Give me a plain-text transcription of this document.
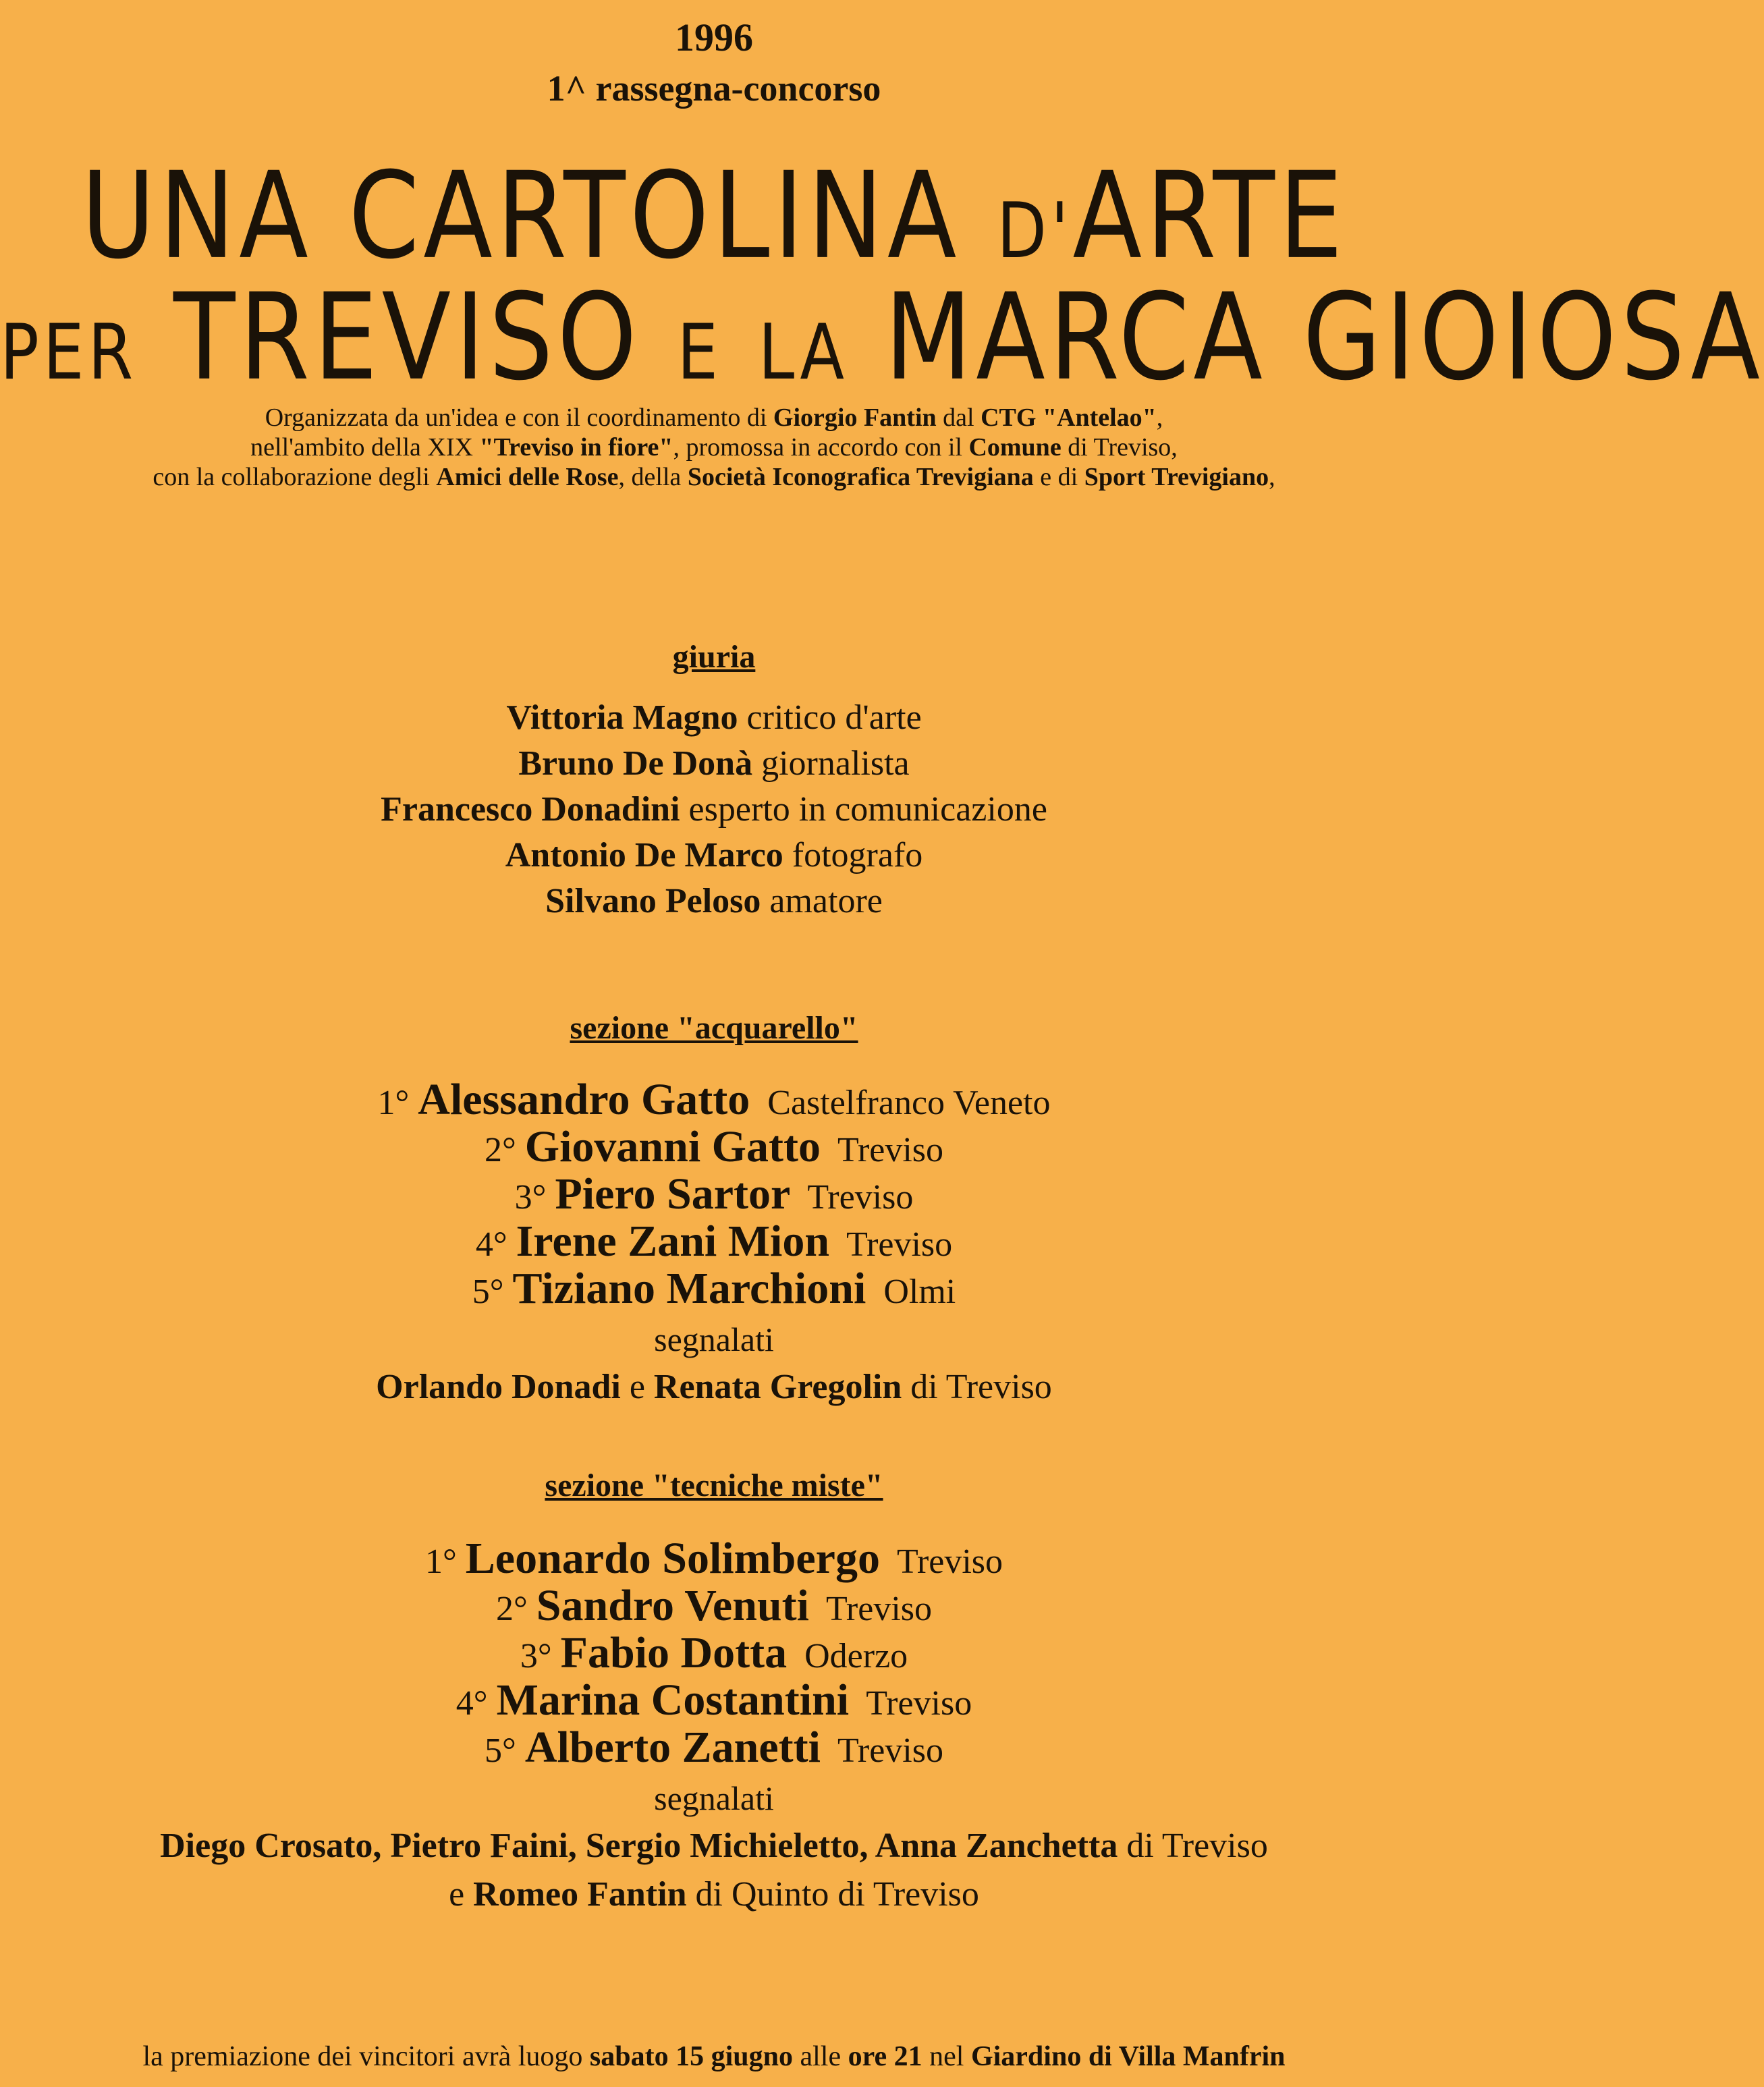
1996
1^ rassegna-concorso
UNA CARTOLINA D'ARTE
PER TREVISO E LA MARCA GIOIOSA
Organizzata da un'idea e con il coordinamento di Giorgio Fantin dal CTG "Antelao",
nell'ambito della XIX "Treviso in fiore", promossa in accordo con il Comune di Treviso,
con la collaborazione degli Amici delle Rose, della Società Iconografica Trevigiana e di Sport Trevigiano,
giuria
Vittoria Magno critico d'arte
Bruno De Donà giornalista
Francesco Donadini esperto in comunicazione
Antonio De Marco fotografo
Silvano Peloso amatore
sezione "acquarello"
1° Alessandro Gatto Castelfranco Veneto
2° Giovanni Gatto Treviso
3° Piero Sartor Treviso
4° Irene Zani Mion Treviso
5° Tiziano Marchioni Olmi
segnalati
Orlando Donadi e Renata Gregolin di Treviso
sezione "tecniche miste"
1° Leonardo Solimbergo Treviso
2° Sandro Venuti Treviso
3° Fabio Dotta Oderzo
4° Marina Costantini Treviso
5° Alberto Zanetti Treviso
segnalati
Diego Crosato, Pietro Faini, Sergio Michieletto, Anna Zanchetta di Treviso
e Romeo Fantin di Quinto di Treviso
la premiazione dei vincitori avrà luogo sabato 15 giugno alle ore 21 nel Giardino di Villa Manfrin
